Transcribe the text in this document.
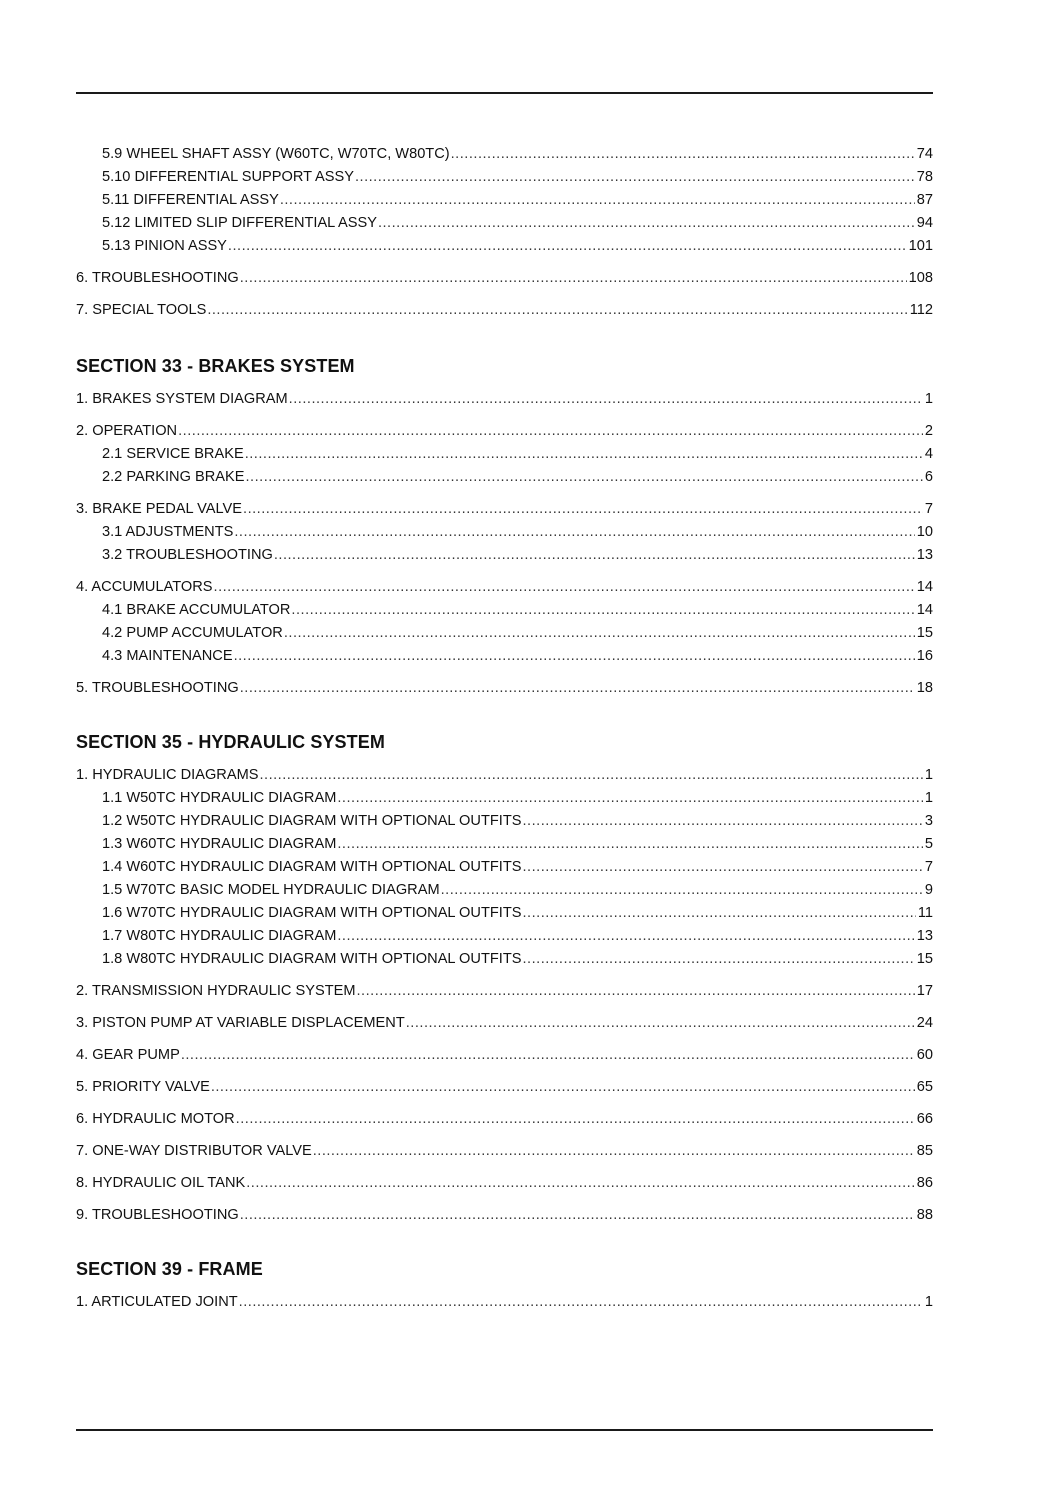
5.9 WHEEL SHAFT ASSY (W60TC, W70TC, W80TC) .....	74
5.10 DIFFERENTIAL SUPPORT ASSY .....	78
5.11 DIFFERENTIAL ASSY .....	87
5.12 LIMITED SLIP DIFFERENTIAL ASSY .....	94
5.13 PINION ASSY .....	101
6. TROUBLESHOOTING .....	108
7. SPECIAL TOOLS .....	112
SECTION 33 - BRAKES SYSTEM
1. BRAKES SYSTEM DIAGRAM .....	1
2. OPERATION .....	2
2.1 SERVICE BRAKE .....	4
2.2 PARKING BRAKE .....	6
3. BRAKE PEDAL VALVE .....	7
3.1 ADJUSTMENTS .....	10
3.2 TROUBLESHOOTING .....	13
4. ACCUMULATORS .....	14
4.1 BRAKE ACCUMULATOR .....	14
4.2 PUMP ACCUMULATOR .....	15
4.3 MAINTENANCE .....	16
5. TROUBLESHOOTING .....	18
SECTION 35 - HYDRAULIC SYSTEM
1. HYDRAULIC DIAGRAMS .....	1
1.1 W50TC HYDRAULIC DIAGRAM .....	1
1.2 W50TC HYDRAULIC DIAGRAM WITH OPTIONAL OUTFITS .....	3
1.3 W60TC HYDRAULIC DIAGRAM .....	5
1.4 W60TC HYDRAULIC DIAGRAM WITH OPTIONAL OUTFITS .....	7
1.5 W70TC BASIC MODEL HYDRAULIC DIAGRAM .....	9
1.6 W70TC HYDRAULIC DIAGRAM WITH OPTIONAL OUTFITS .....	11
1.7 W80TC HYDRAULIC DIAGRAM .....	13
1.8 W80TC HYDRAULIC DIAGRAM WITH OPTIONAL OUTFITS .....	15
2. TRANSMISSION HYDRAULIC SYSTEM .....	17
3. PISTON PUMP AT VARIABLE DISPLACEMENT .....	24
4. GEAR PUMP .....	60
5. PRIORITY VALVE .....	65
6. HYDRAULIC MOTOR .....	66
7. ONE-WAY DISTRIBUTOR VALVE .....	85
8. HYDRAULIC OIL TANK .....	86
9. TROUBLESHOOTING .....	88
SECTION 39 - FRAME
1. ARTICULATED JOINT .....	1
